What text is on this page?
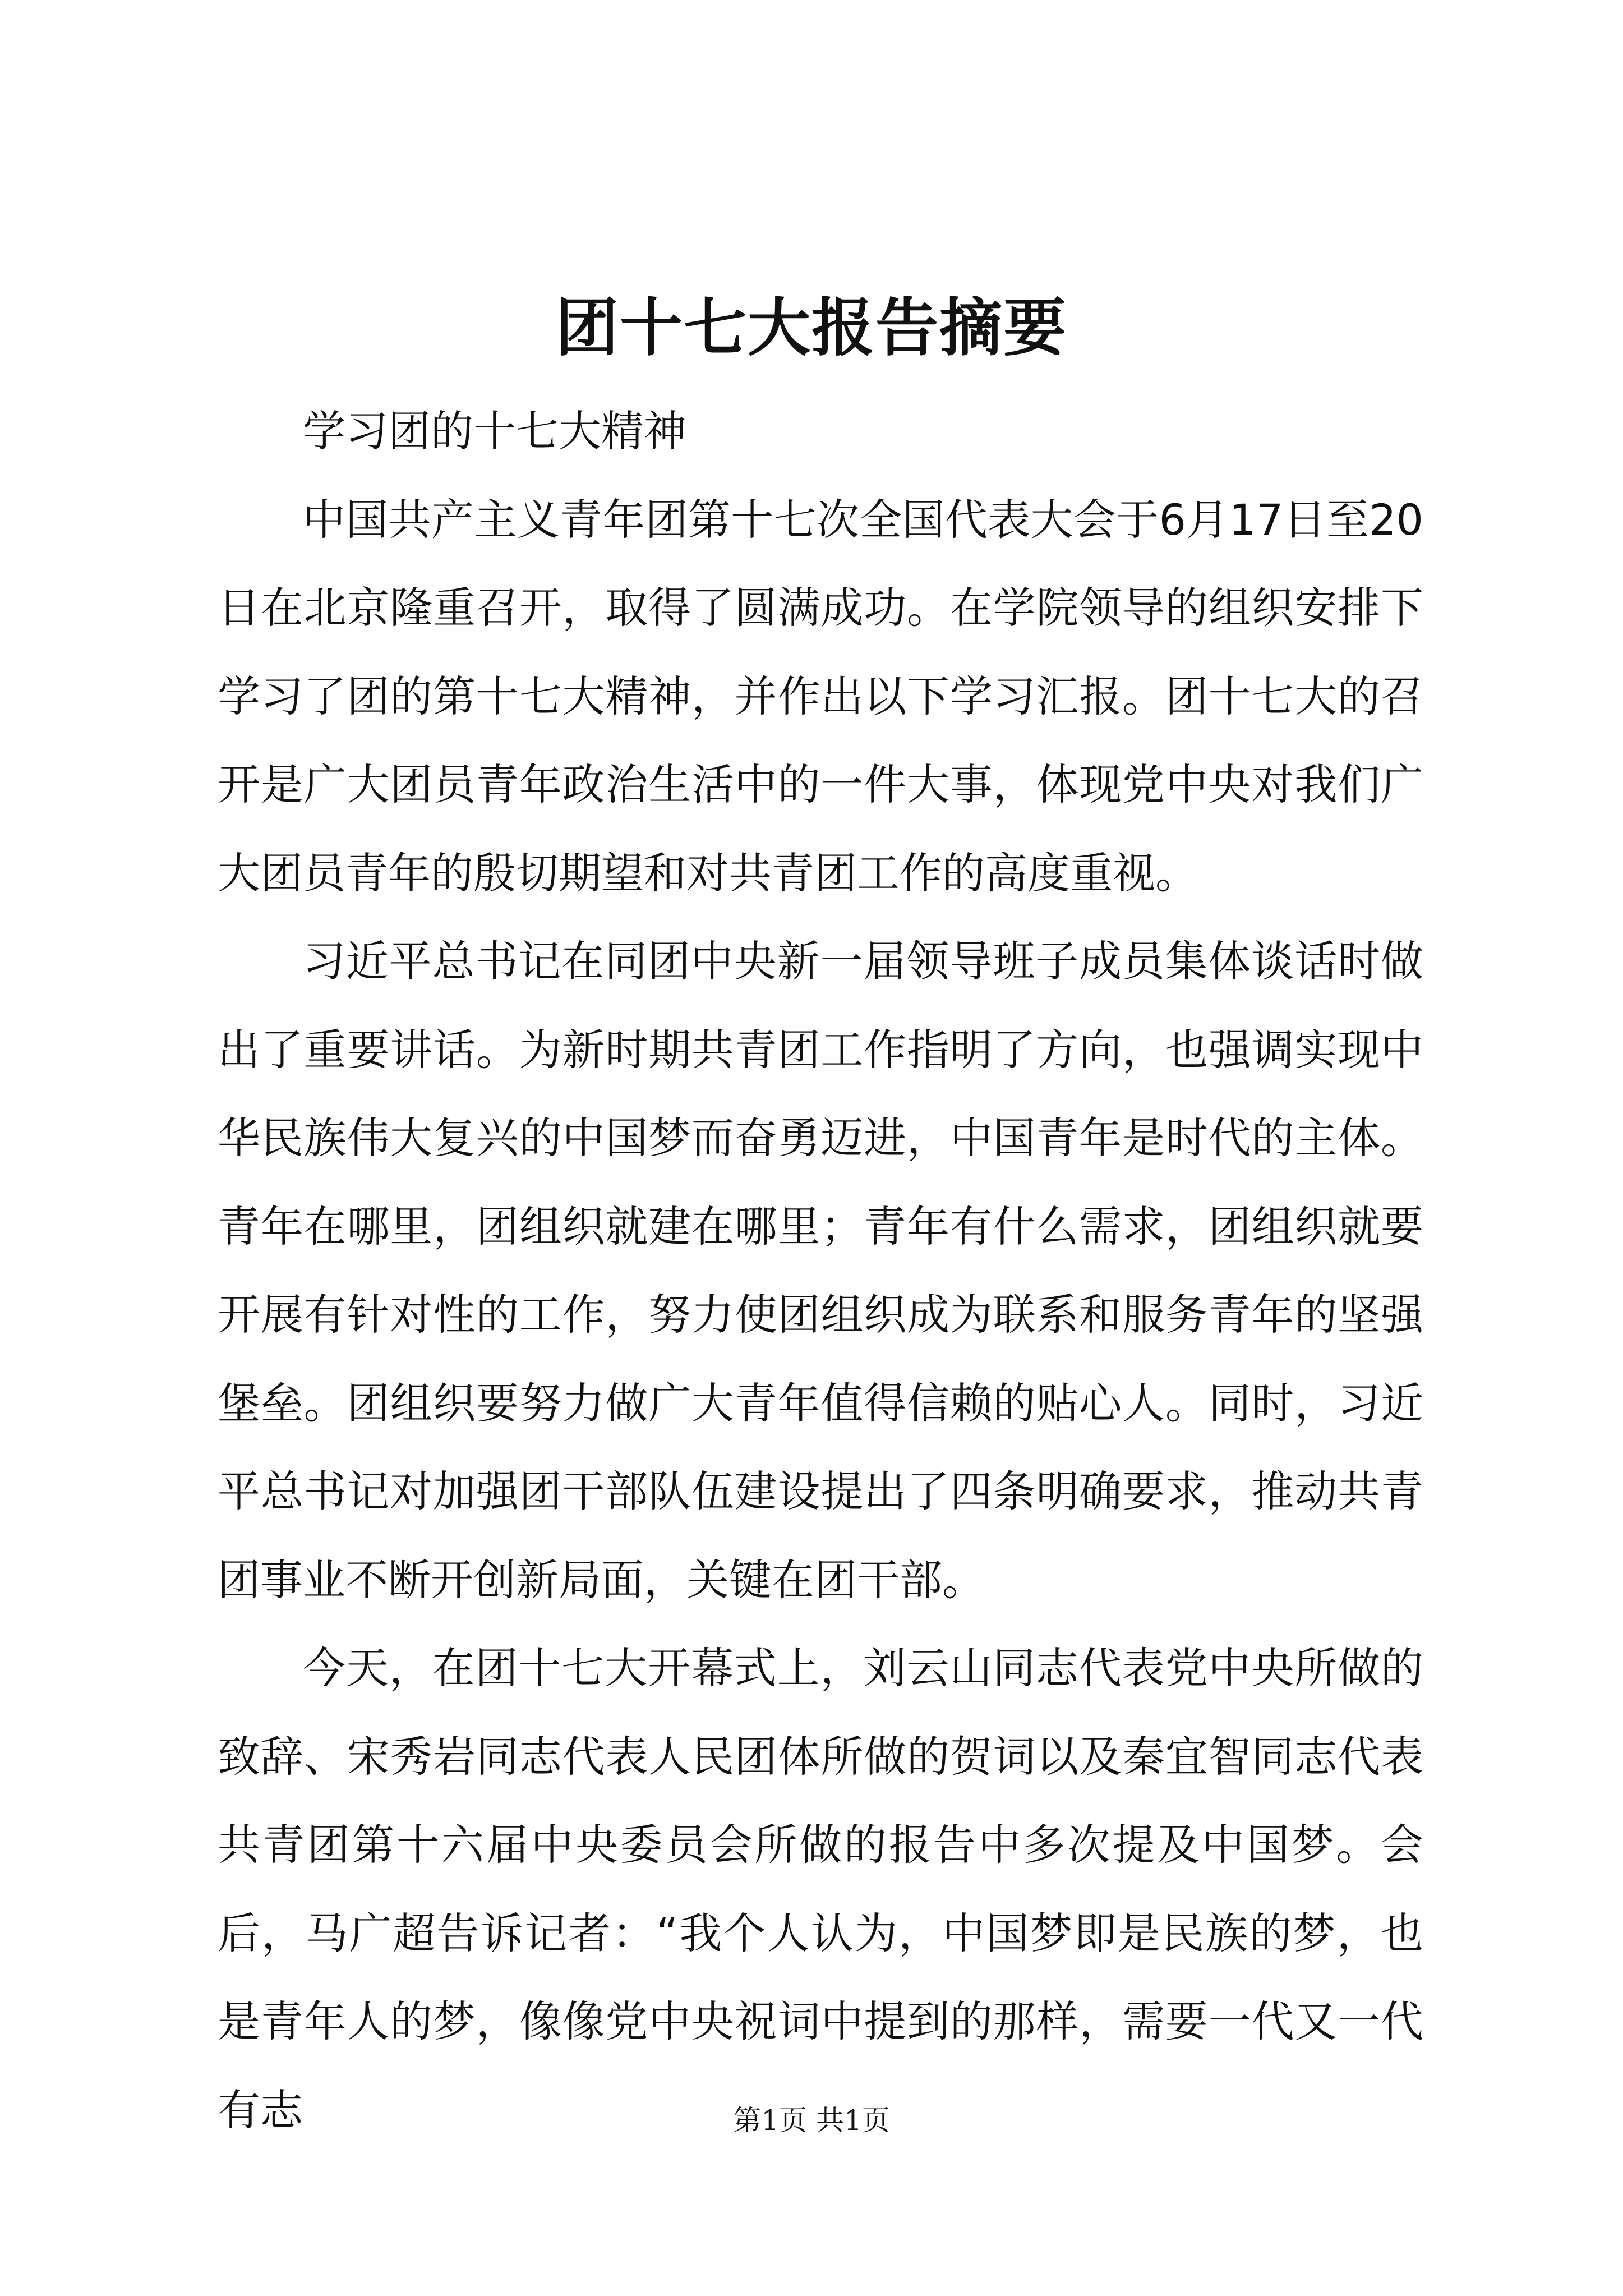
团十七大报告摘要

学习团的十七大精神

中国共产主义青年团第十七次全国代表大会于6月17日至20日在北京隆重召开，取得了圆满成功。在学院领导的组织安排下学习了团的第十七大精神，并作出以下学习汇报。团十七大的召开是广大团员青年政治生活中的一件大事，体现党中央对我们广大团员青年的殷切期望和对共青团工作的高度重视。

习近平总书记在同团中央新一届领导班子成员集体谈话时做出了重要讲话。为新时期共青团工作指明了方向，也强调实现中华民族伟大复兴的中国梦而奋勇迈进，中国青年是时代的主体。青年在哪里，团组织就建在哪里；青年有什么需求，团组织就要开展有针对性的工作，努力使团组织成为联系和服务青年的坚强堡垒。团组织要努力做广大青年值得信赖的贴心人。同时，习近平总书记对加强团干部队伍建设提出了四条明确要求，推动共青团事业不断开创新局面，关键在团干部。

今天，在团十七大开幕式上，刘云山同志代表党中央所做的致辞、宋秀岩同志代表人民团体所做的贺词以及秦宜智同志代表共青团第十六届中央委员会所做的报告中多次提及中国梦。会后，马广超告诉记者：“我个人认为，中国梦即是民族的梦，也是青年人的梦，像像党中央祝词中提到的那样，需要一代又一代有志	第1页 共1页
